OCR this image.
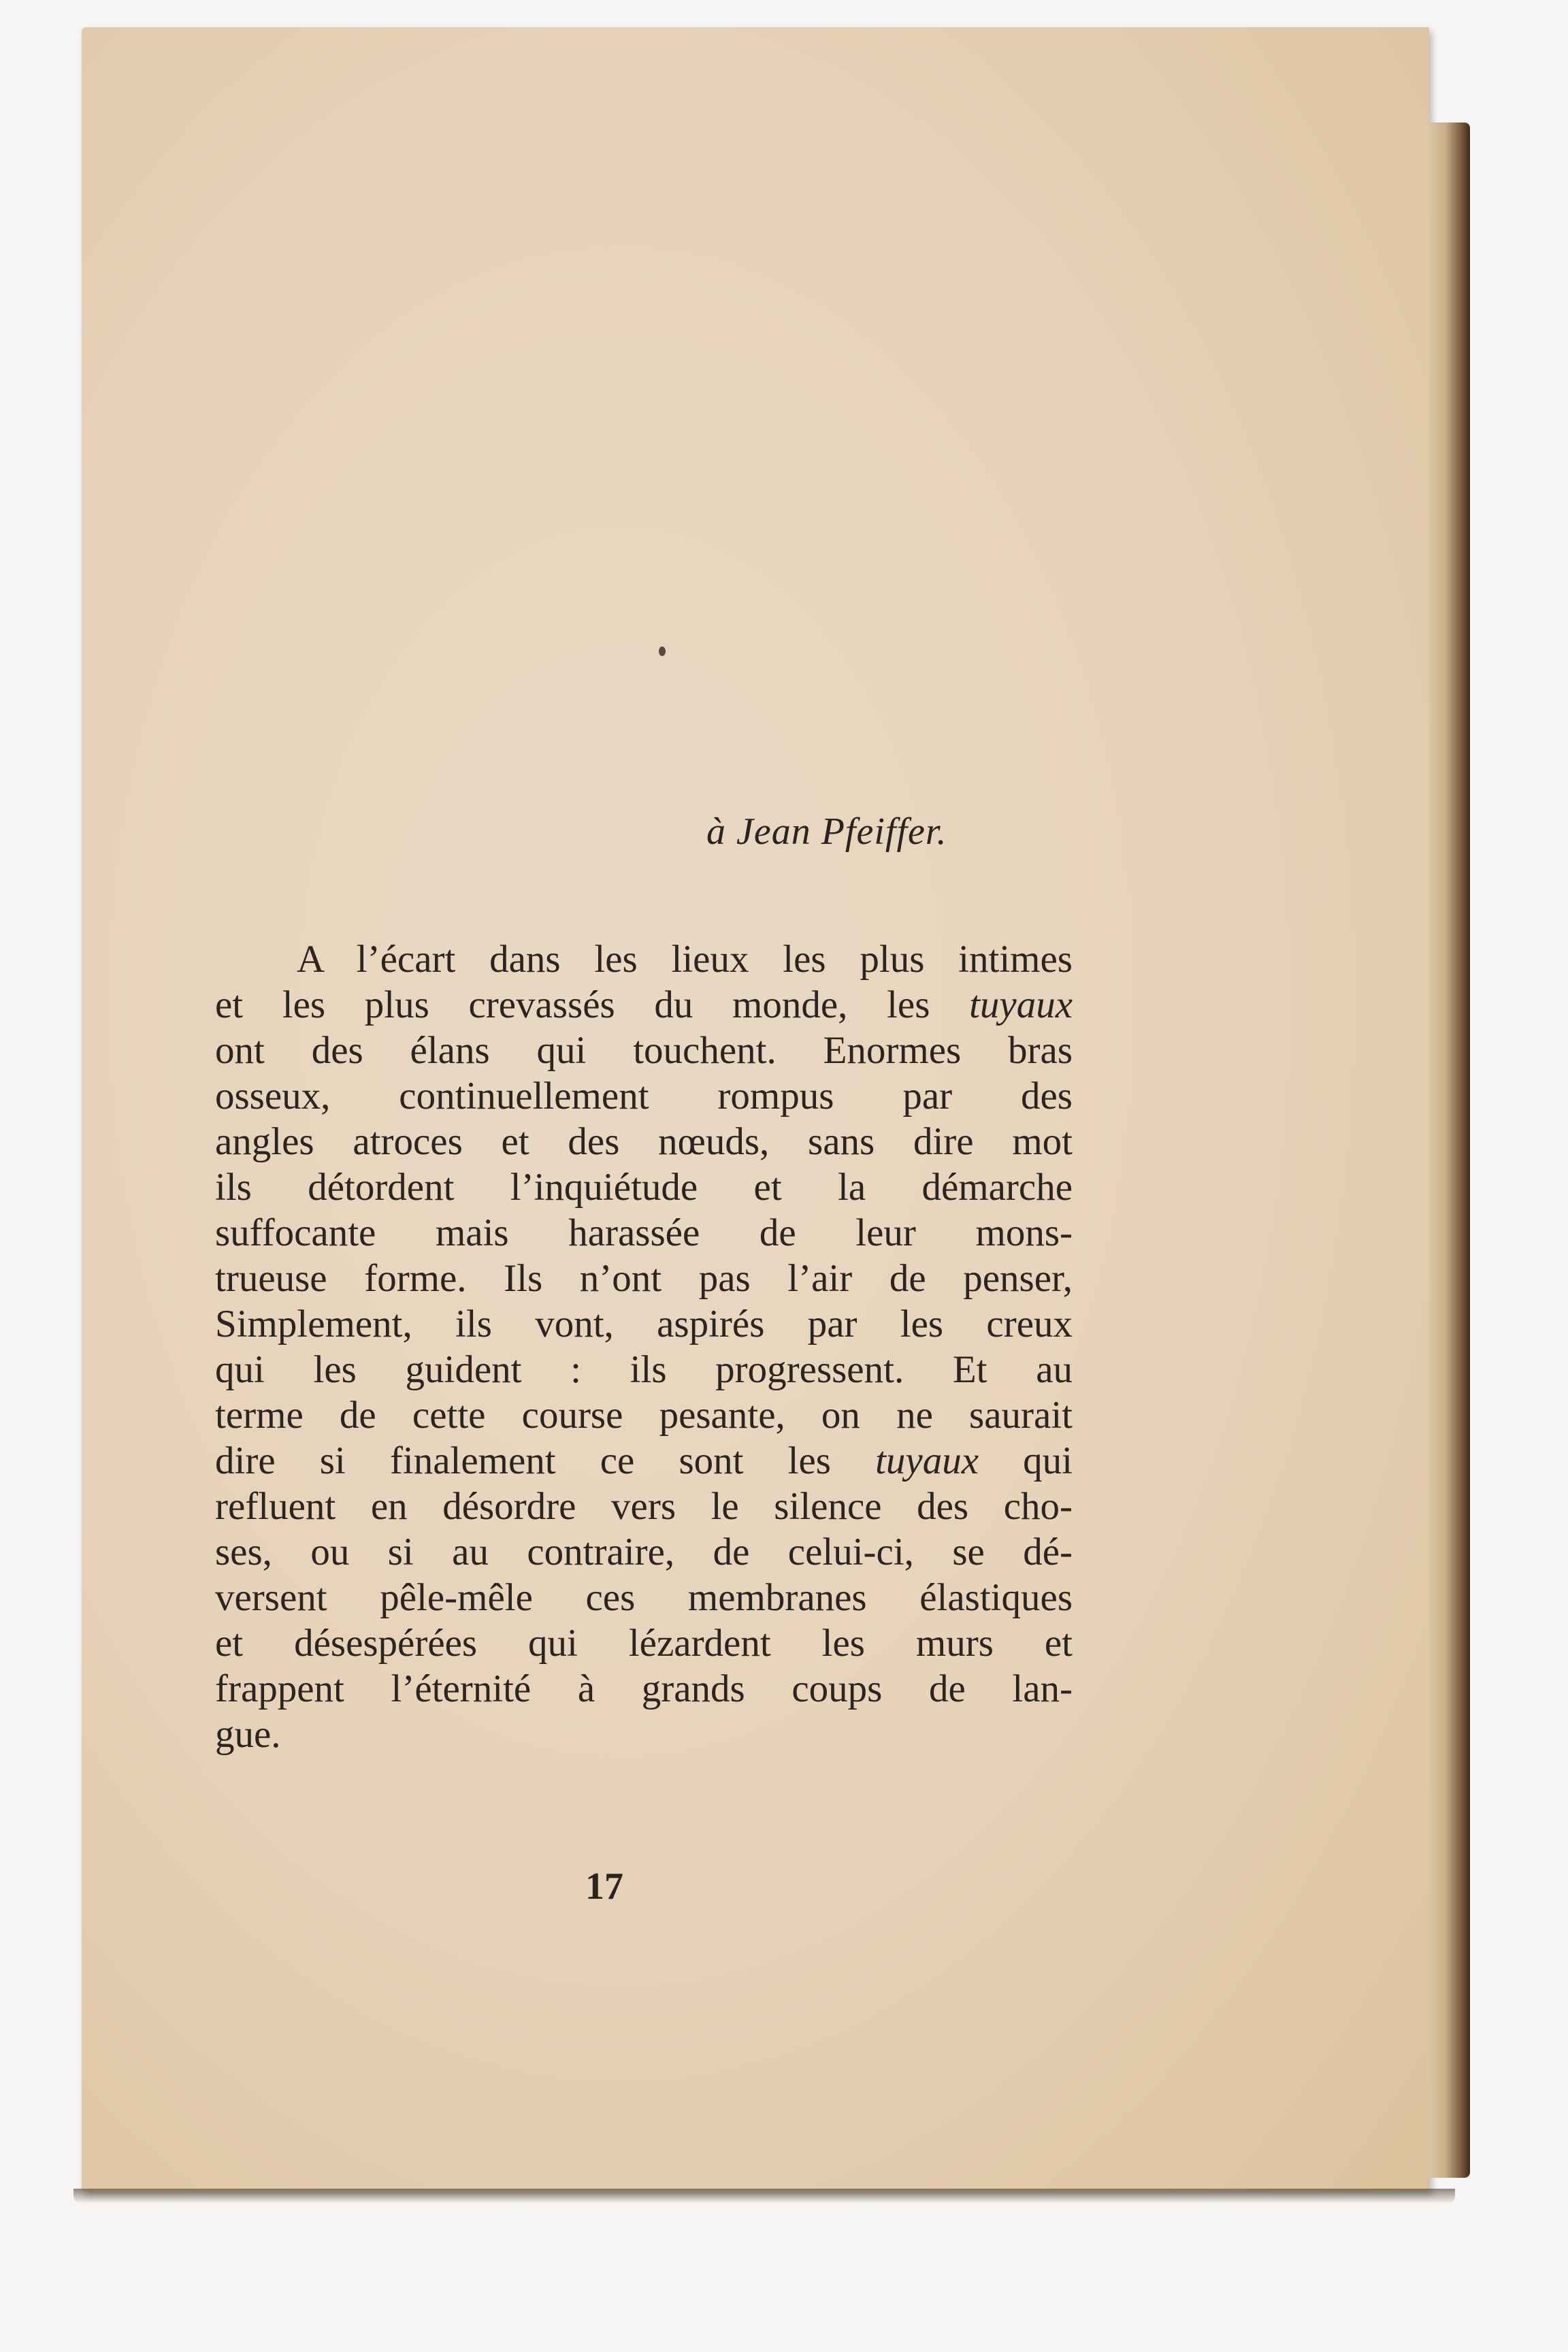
à Jean Pfeiffer.

A l’écart dans les lieux les plus intimes
et les plus crevassés du monde, les tuyaux
ont des élans qui touchent. Enormes bras
osseux, continuellement rompus par des
angles atroces et des nœuds, sans dire mot
ils détordent l’inquiétude et la démarche
suffocante mais harassée de leur mons-
trueuse forme. Ils n’ont pas l’air de penser,
Simplement, ils vont, aspirés par les creux
qui les guident : ils progressent. Et au
terme de cette course pesante, on ne saurait
dire si finalement ce sont les tuyaux qui
refluent en désordre vers le silence des cho-
ses, ou si au contraire, de celui-ci, se dé-
versent pêle-mêle ces membranes élastiques
et désespérées qui lézardent les murs et
frappent l’éternité à grands coups de lan-
gue.

17
